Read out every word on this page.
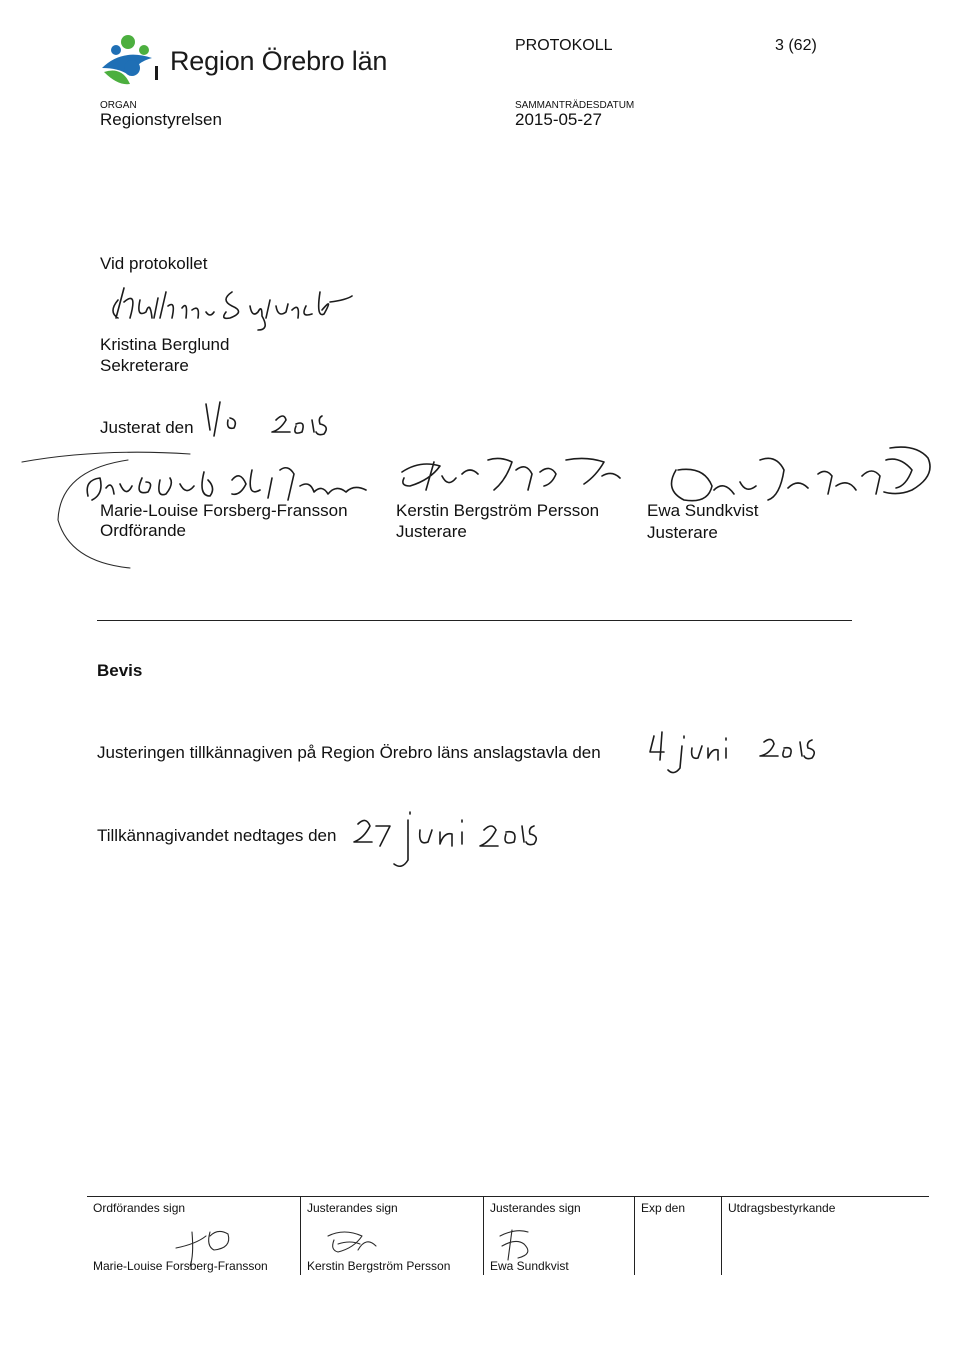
Region Örebro län
PROTOKOLL	3 (62)
ORGAN
Regionstyrelsen
SAMMANTRÄDESDATUM
2015-05-27
Vid protokollet
Kristina Berglund
Sekreterare
Justerat den
Marie-Louise Forsberg-Fransson
Ordförande
Kerstin Bergström Persson
Justerare
Ewa Sundkvist
Justerare
Bevis
Justeringen tillkännagiven på Region Örebro läns anslagstavla den
Tillkännagivandet nedtages den
Ordförandes sign
Marie-Louise Forsberg-Fransson
Justerandes sign
Kerstin Bergström Persson
Justerandes sign
Ewa Sundkvist
Exp den	Utdragsbestyrkande
